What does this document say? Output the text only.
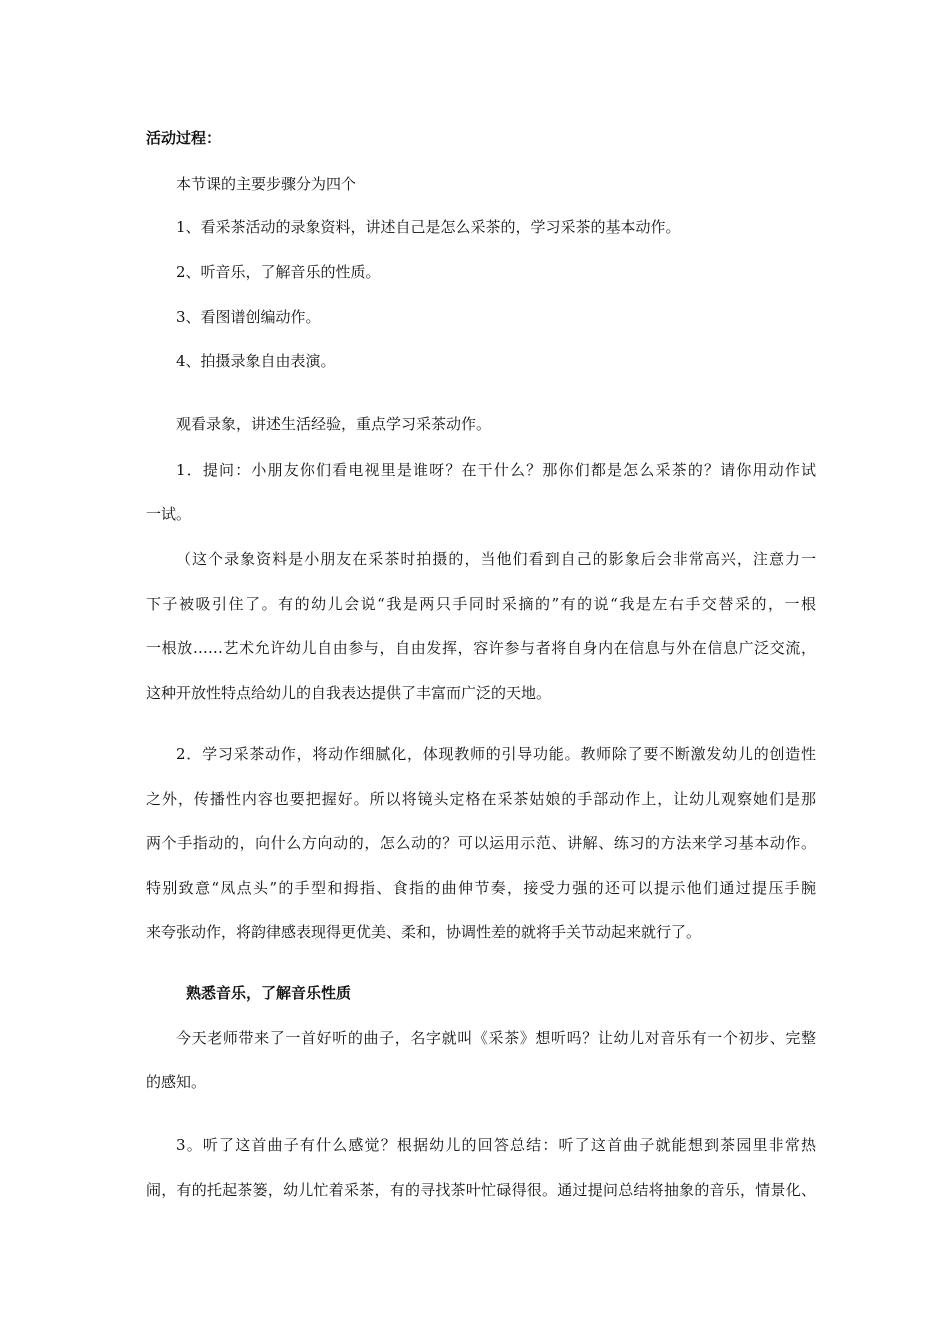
活动过程：
本节课的主要步骤分为四个
1、看采茶活动的录象资料，讲述自己是怎么采茶的，学习采茶的基本动作。
2、听音乐，了解音乐的性质。
3、看图谱创编动作。
4、拍摄录象自由表演。
观看录象，讲述生活经验，重点学习采茶动作。
1．提问：小朋友你们看电视里是谁呀？在干什么？那你们都是怎么采茶的？请你用动作试
一试。
（这个录象资料是小朋友在采茶时拍摄的，当他们看到自己的影象后会非常高兴，注意力一
下子被吸引住了。有的幼儿会说“我是两只手同时采摘的”有的说“我是左右手交替采的，一根
一根放……艺术允许幼儿自由参与，自由发挥，容许参与者将自身内在信息与外在信息广泛交流，
这种开放性特点给幼儿的自我表达提供了丰富而广泛的天地。
2．学习采茶动作，将动作细腻化，体现教师的引导功能。教师除了要不断激发幼儿的创造性
之外，传播性内容也要把握好。所以将镜头定格在采茶姑娘的手部动作上，让幼儿观察她们是那
两个手指动的，向什么方向动的，怎么动的？可以运用示范、讲解、练习的方法来学习基本动作。
特别致意“凤点头”的手型和拇指、食指的曲伸节奏，接受力强的还可以提示他们通过提压手腕
来夸张动作，将韵律感表现得更优美、柔和，协调性差的就将手关节动起来就行了。
熟悉音乐，了解音乐性质
今天老师带来了一首好听的曲子，名字就叫《采茶》想听吗？让幼儿对音乐有一个初步、完整
的感知。
3。听了这首曲子有什么感觉？根据幼儿的回答总结：听了这首曲子就能想到茶园里非常热
闹，有的托起茶篓，幼儿忙着采茶，有的寻找茶叶忙碌得很。通过提问总结将抽象的音乐，情景化、
